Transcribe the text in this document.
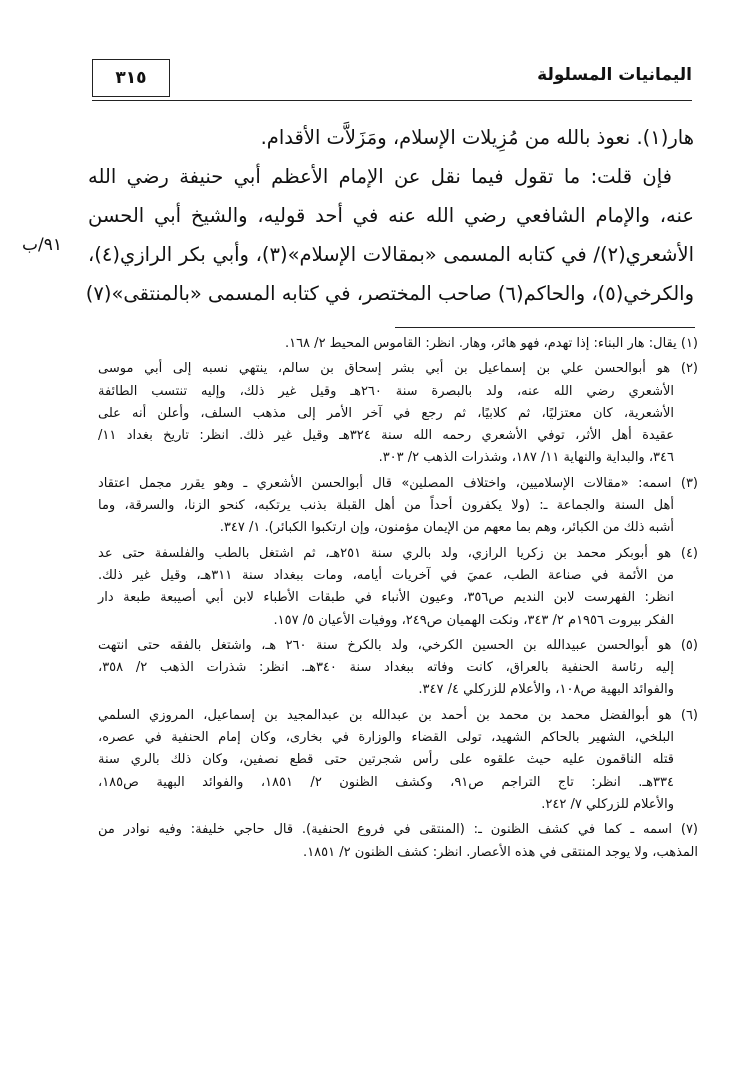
٣١٥	اليمانيات المسلولة
هار(١). نعوذ بالله من مُزِيلات الإسلام، ومَزَلاَّت الأقدام.
فإن قلت: ما تقول فيما نقل عن الإمام الأعظم أبي حنيفة رضي الله
عنه، والإمام الشافعي رضي الله عنه في أحد قوليه، والشيخ أبي الحسن
الأشعري(٢)/ في كتابه المسمى «بمقالات الإسلام»(٣)، وأبي بكر الرازي(٤)،
والكرخي(٥)، والحاكم(٦) صاحب المختصر، في كتابه المسمى «بالمنتقى»(٧)
٩١/ب
(١) يقال: هار البناء: إذا تهدم، فهو هائر، وهار. انظر: القاموس المحيط ٢/ ١٦٨.
(٢) هو أبوالحسن علي بن إسماعيل بن أبي بشر إسحاق بن سالم، ينتهي نسبه إلى أبي موسى
الأشعري رضي الله عنه، ولد بالبصرة سنة ٢٦٠هـ وقيل غير ذلك، وإليه تنتسب الطائفة
الأشعرية، كان معتزليًا، ثم كلابيًا، ثم رجع في آخر الأمر إلى مذهب السلف، وأعلن أنه على
عقيدة أهل الأثر، توفي الأشعري رحمه الله سنة ٣٢٤هـ وقيل غير ذلك. انظر: تاريخ بغداد ١١/
٣٤٦، والبداية والنهاية ١١/ ١٨٧، وشذرات الذهب ٢/ ٣٠٣.
(٣) اسمه: «مقالات الإسلاميين، واختلاف المصلين» قال أبوالحسن الأشعري ـ وهو يقرر مجمل اعتقاد
أهل السنة والجماعة ـ: (ولا يكفرون أحداً من أهل القبلة بذنب يرتكبه، كنحو الزنا، والسرقة، وما
أشبه ذلك من الكبائر، وهم بما معهم من الإيمان مؤمنون، وإن ارتكبوا الكبائر). ١/ ٣٤٧.
(٤) هو أبوبكر محمد بن زكريا الرازي، ولد بالري سنة ٢٥١هـ، ثم اشتغل بالطب والفلسفة حتى عد
من الأئمة في صناعة الطب، عميَ في آخريات أيامه، ومات ببغداد سنة ٣١١هـ، وقيل غير ذلك.
انظر: الفهرست لابن النديم ص٣٥٦، وعيون الأنباء في طبقات الأطباء لابن أبي أصيبعة طبعة دار
الفكر بيروت ١٩٥٦م ٢/ ٣٤٣، ونكت الهميان ص٢٤٩، ووفيات الأعيان ٥/ ١٥٧.
(٥) هو أبوالحسن عبيدالله بن الحسين الكرخي، ولد بالكرخ سنة ٢٦٠ هـ، واشتغل بالفقه حتى انتهت
إليه رئاسة الحنفية بالعراق، كانت وفاته ببغداد سنة ٣٤٠هـ. انظر: شذرات الذهب ٢/ ٣٥٨،
والفوائد البهية ص١٠٨، والأعلام للزركلي ٤/ ٣٤٧.
(٦) هو أبوالفضل محمد بن محمد بن أحمد بن عبدالله بن عبدالمجيد بن إسماعيل، المروزي السلمي
البلخي، الشهير بالحاكم الشهيد، تولى القضاء والوزارة في بخارى، وكان إمام الحنفية في عصره،
قتله الناقمون عليه حيث علقوه على رأس شجرتين حتى قطع نصفين، وكان ذلك بالري سنة
٣٣٤هـ. انظر: تاج التراجم ص٩١، وكشف الظنون ٢/ ١٨٥١، والفوائد البهية ص١٨٥،
والأعلام للزركلي ٧/ ٢٤٢.
(٧) اسمه ـ كما في كشف الظنون ـ: (المنتقى في فروع الحنفية). قال حاجي خليفة: وفيه نوادر من
المذهب، ولا يوجد المنتقى في هذه الأعصار. انظر: كشف الظنون ٢/ ١٨٥١.
